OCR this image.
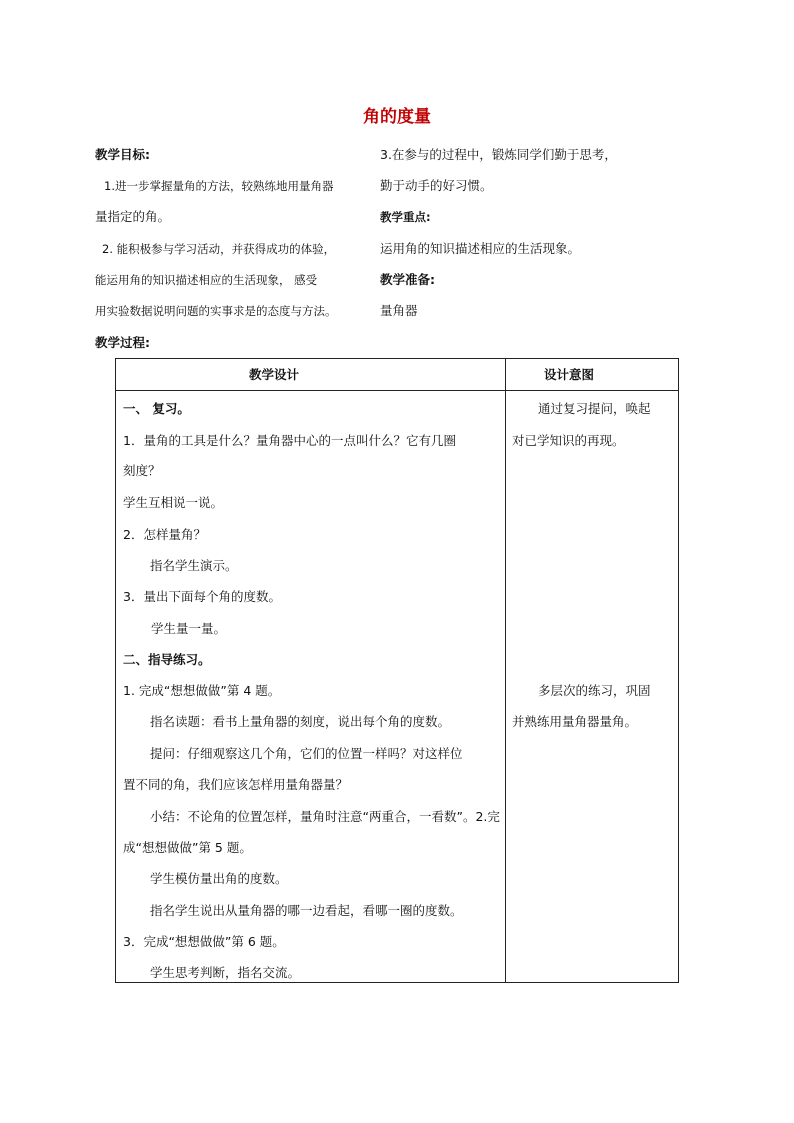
角的度量
教学目标:
1.进一步掌握量角的方法，较熟练地用量角器
量指定的角。
2. 能积极参与学习活动，并获得成功的体验，
能运用角的知识描述相应的生活现象， 感受
用实验数据说明问题的实事求是的态度与方法。
3.在参与的过程中，锻炼同学们勤于思考，
勤于动手的好习惯。
教学重点:
运用角的知识描述相应的生活现象。
教学准备:
量角器
教学过程:
教学设计	设计意图
一、 复习。
1．量角的工具是什么？量角器中心的一点叫什么？它有几圈
刻度？
学生互相说一说。
2．怎样量角？
指名学生演示。
3．量出下面每个角的度数。
学生量一量。
二、指导练习。
1. 完成“想想做做”第 4 题。
指名读题：看书上量角器的刻度，说出每个角的度数。
提问：仔细观察这几个角，它们的位置一样吗？对这样位
置不同的角，我们应该怎样用量角器量？
小结：不论角的位置怎样，量角时注意“两重合，一看数”。2.完
成“想想做做”第 5 题。
学生模仿量出角的度数。
指名学生说出从量角器的哪一边看起，看哪一圈的度数。
3．完成“想想做做”第 6 题。
学生思考判断，指名交流。
通过复习提问，唤起
对已学知识的再现。
多层次的练习，巩固
并熟练用量角器量角。
